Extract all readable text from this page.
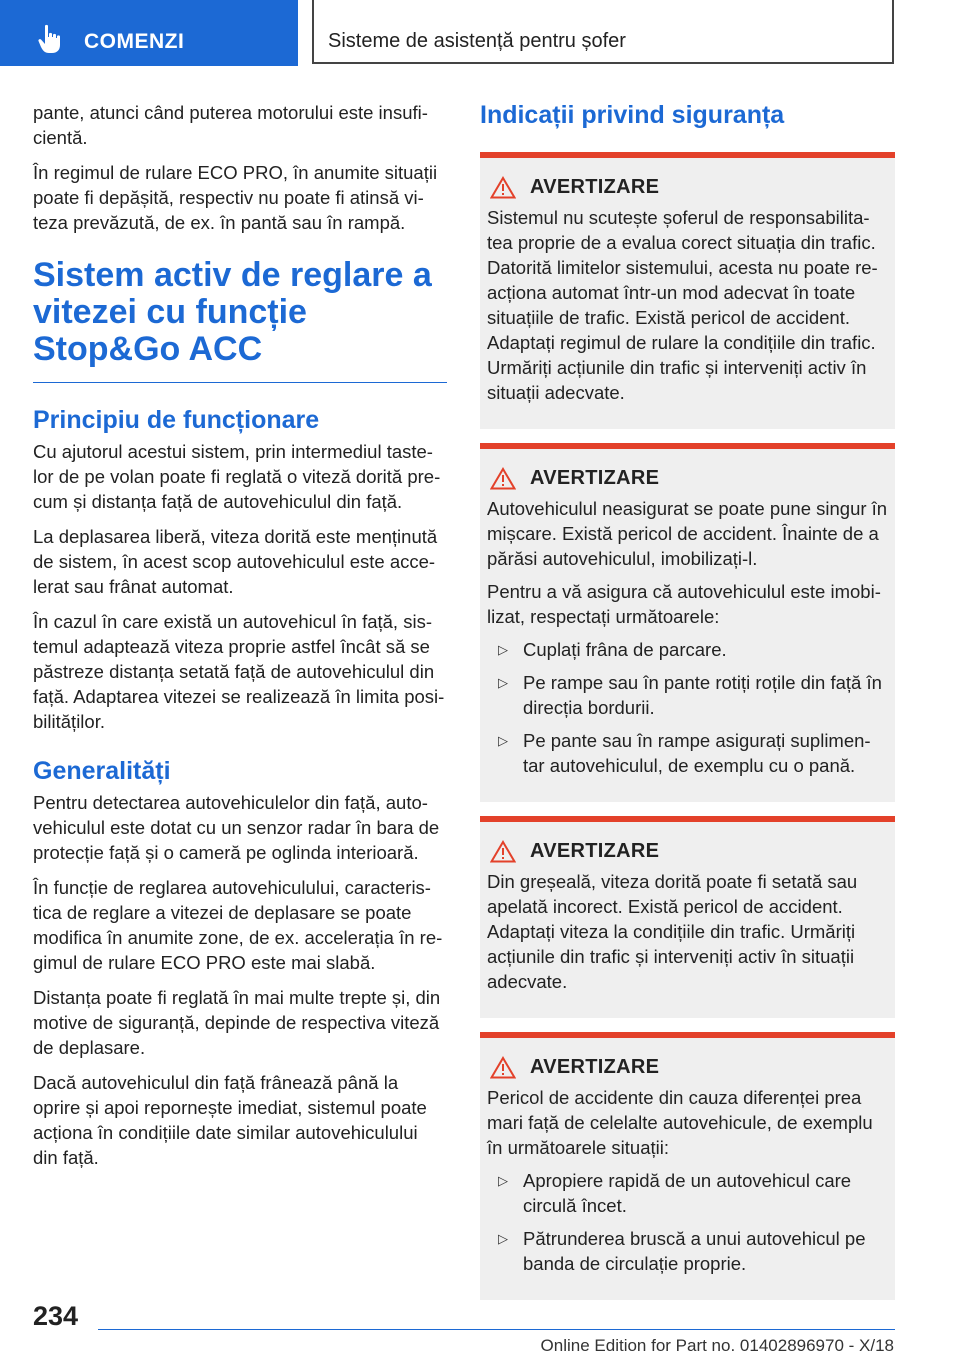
COMENZI	Sisteme de asistență pentru șofer

pante, atunci când puterea motorului este insufi-cientă.

În regimul de rulare ECO PRO, în anumite situații poate fi depășită, respectiv nu poate fi atinsă vi-teza prevăzută, de ex. în pantă sau în rampă.

Sistem activ de reglare a vitezei cu funcție Stop&Go ACC
Principiu de funcționare

Cu ajutorul acestui sistem, prin intermediul taste-lor de pe volan poate fi reglată o viteză dorită pre-cum și distanța față de autovehiculul din față.

La deplasarea liberă, viteza dorită este menținută de sistem, în acest scop autovehiculul este acce-lerat sau frânat automat.

În cazul în care există un autovehicul în față, sis-temul adaptează viteza proprie astfel încât să se păstreze distanța setată față de autovehiculul din față. Adaptarea vitezei se realizează în limita posi-bilităților.

Generalități

Pentru detectarea autovehiculelor din față, auto-vehiculul este dotat cu un senzor radar în bara de protecție față și o cameră pe oglinda interioară.

În funcție de reglarea autovehiculului, caracteris-tica de reglare a vitezei de deplasare se poate modifica în anumite zone, de ex. accelerația în re-gimul de rulare ECO PRO este mai slabă.

Distanța poate fi reglată în mai multe trepte și, din motive de siguranță, depinde de respectiva viteză de deplasare.

Dacă autovehiculul din față frânează până la oprire și apoi repornește imediat, sistemul poate acționa în condițiile date similar autovehiculului din față.

Indicații privind siguranța
AVERTIZARE

Sistemul nu scutește șoferul de responsabilita-tea proprie de a evalua corect situația din trafic. Datorită limitelor sistemului, acesta nu poate re-acționa automat într-un mod adecvat în toate situațiile de trafic. Există pericol de accident. Adaptați regimul de rulare la condițiile din trafic. Urmăriți acțiunile din trafic și interveniți activ în situații adecvate.

AVERTIZARE

Autovehiculul neasigurat se poate pune singur în mișcare. Există pericol de accident. Înainte de a părăsi autovehiculul, imobilizați-l.

Pentru a vă asigura că autovehiculul este imobi-lizat, respectați următoarele:

▷ Cuplați frâna de parcare.
▷ Pe rampe sau în pante rotiți roțile din față în direcția bordurii.
▷ Pe pante sau în rampe asigurați suplimen-tar autovehiculul, de exemplu cu o pană.
AVERTIZARE

Din greșeală, viteza dorită poate fi setată sau apelată incorect. Există pericol de accident. Adaptați viteza la condițiile din trafic. Urmăriți acțiunile din trafic și interveniți activ în situații adecvate.

AVERTIZARE

Pericol de accidente din cauza diferenței prea mari față de celelalte autovehicule, de exemplu în următoarele situații:

▷ Apropiere rapidă de un autovehicul care circulă încet.
▷ Pătrunderea bruscă a unui autovehicul pe banda de circulație proprie.
234
Online Edition for Part no. 01402896970 - X/18
